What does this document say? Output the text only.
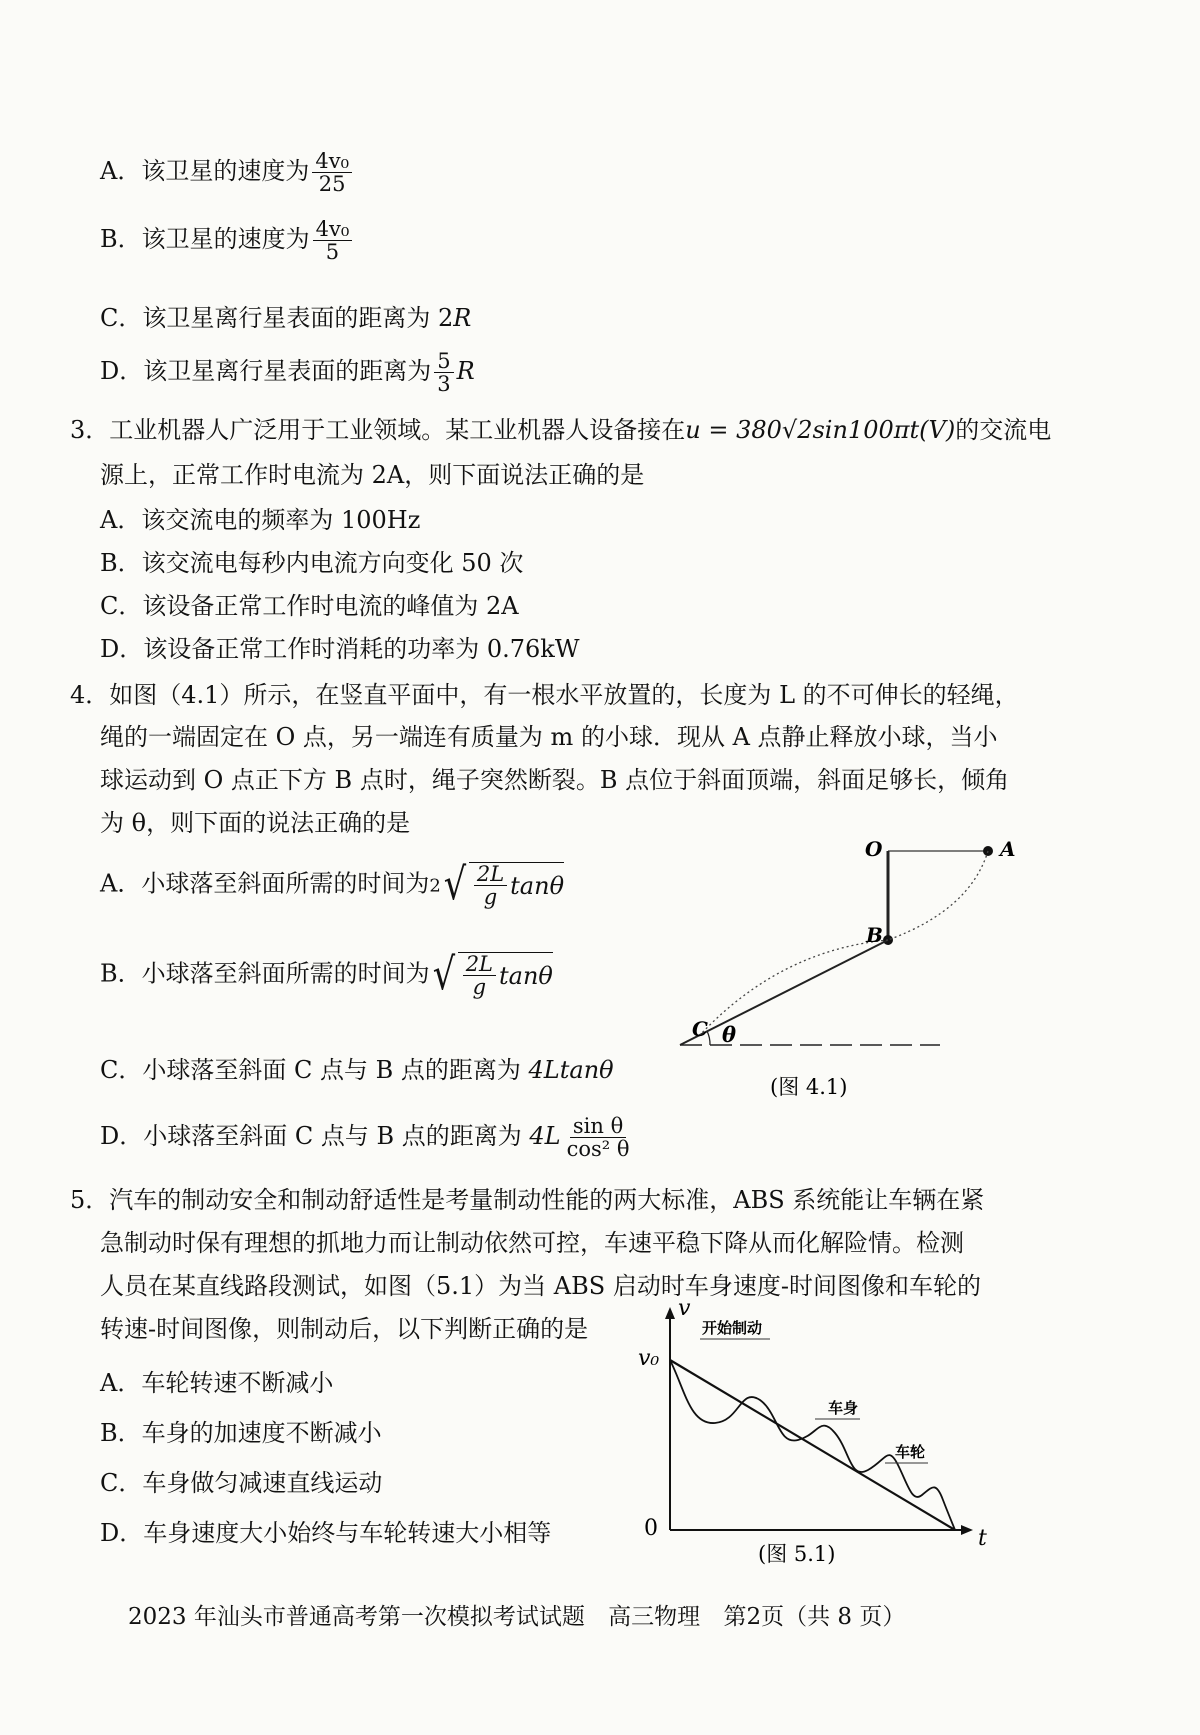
A．该卫星的速度为 $\frac{\text{4v₀}}{25}$
B．该卫星的速度为 $\frac{\text{4v₀}}{5}$
C．该卫星离行星表面的距离为 2R
D．该卫星离行星表面的距离为 $\frac{5}{3}$ R
3．工业机器人广泛用于工业领域。某工业机器人设备接在u = 380√2sin100πt(V)的交流电
源上，正常工作时电流为 2A，则下面说法正确的是
A．该交流电的频率为 100Hz
B．该交流电每秒内电流方向变化 50 次
C．该设备正常工作时电流的峰值为 2A
D．该设备正常工作时消耗的功率为 0.76kW
4．如图（4.1）所示，在竖直平面中，有一根水平放置的，长度为 L 的不可伸长的轻绳，
绳的一端固定在 O 点，另一端连有质量为 m 的小球．现从 A 点静止释放小球，当小
球运动到 O 点正下方 B 点时，绳子突然断裂。B 点位于斜面顶端，斜面足够长，倾角
为 θ，则下面的说法正确的是
A．小球落至斜面所需的时间为2 √ $\frac{2L}{g}$ tanθ
B．小球落至斜面所需的时间为 √ $\frac{2L}{g}$ tanθ
C．小球落至斜面 C 点与 B 点的距离为 4Ltanθ
D．小球落至斜面 C 点与 B 点的距离为 $4L \frac{\text{sin θ}}{\text{cos² θ}}$
O	A
B
C θ
(图 4.1)
5．汽车的制动安全和制动舒适性是考量制动性能的两大标准，ABS 系统能让车辆在紧
急制动时保有理想的抓地力而让制动依然可控，车速平稳下降从而化解险情。检测
人员在某直线路段测试，如图（5.1）为当 ABS 启动时车身速度-时间图像和车轮的
转速-时间图像，则制动后，以下判断正确的是
A．车轮转速不断减小
B．车身的加速度不断减小
C．车身做匀减速直线运动
D．车身速度大小始终与车轮转速大小相等
v
t
v₀
0
开始制动
车身
车轮
(图 5.1)
2023 年汕头市普通高考第一次模拟考试试题 高三物理 第2页（共 8 页）
